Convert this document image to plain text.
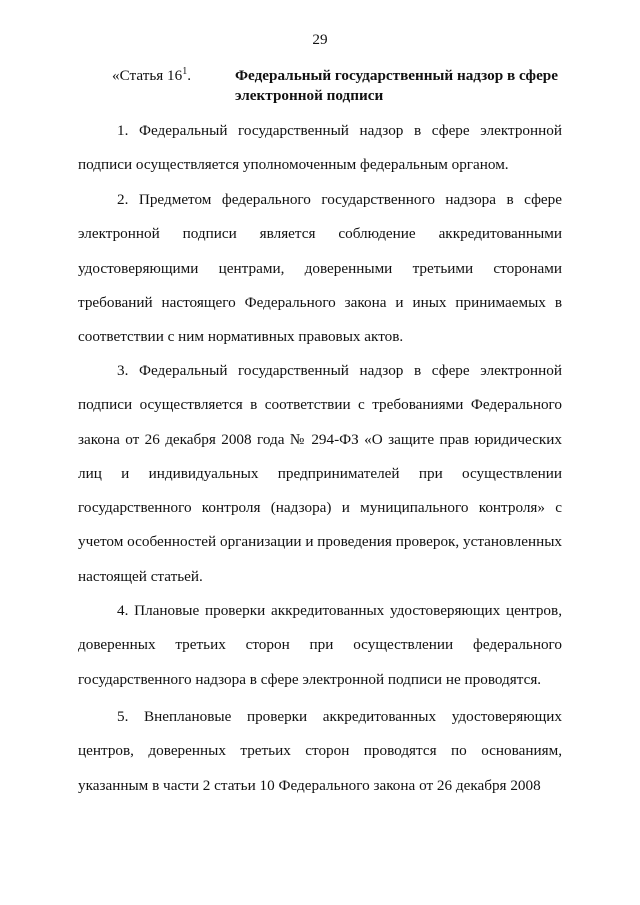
29
«Статья $16^1$.	Федеральный государственный надзор в сфере электронной подписи

1. Федеральный государственный надзор в сфере электронной подписи осуществляется уполномоченным федеральным органом.

2. Предметом федерального государственного надзора в сфере электронной подписи является соблюдение аккредитованными удостоверяющими центрами, доверенными третьими сторонами требований настоящего Федерального закона и иных принимаемых в соответствии с ним нормативных правовых актов.

3. Федеральный государственный надзор в сфере электронной подписи осуществляется в соответствии с требованиями Федерального закона от 26 декабря 2008 года № 294-ФЗ «О защите прав юридических лиц и индивидуальных предпринимателей при осуществлении государственного контроля (надзора) и муниципального контроля» с учетом особенностей организации и проведения проверок, установленных настоящей статьей.

4. Плановые проверки аккредитованных удостоверяющих центров, доверенных третьих сторон при осуществлении федерального государственного надзора в сфере электронной подписи не проводятся.

5. Внеплановые проверки аккредитованных удостоверяющих центров, доверенных третьих сторон проводятся по основаниям, указанным в части 2 статьи 10 Федерального закона от 26 декабря 2008
